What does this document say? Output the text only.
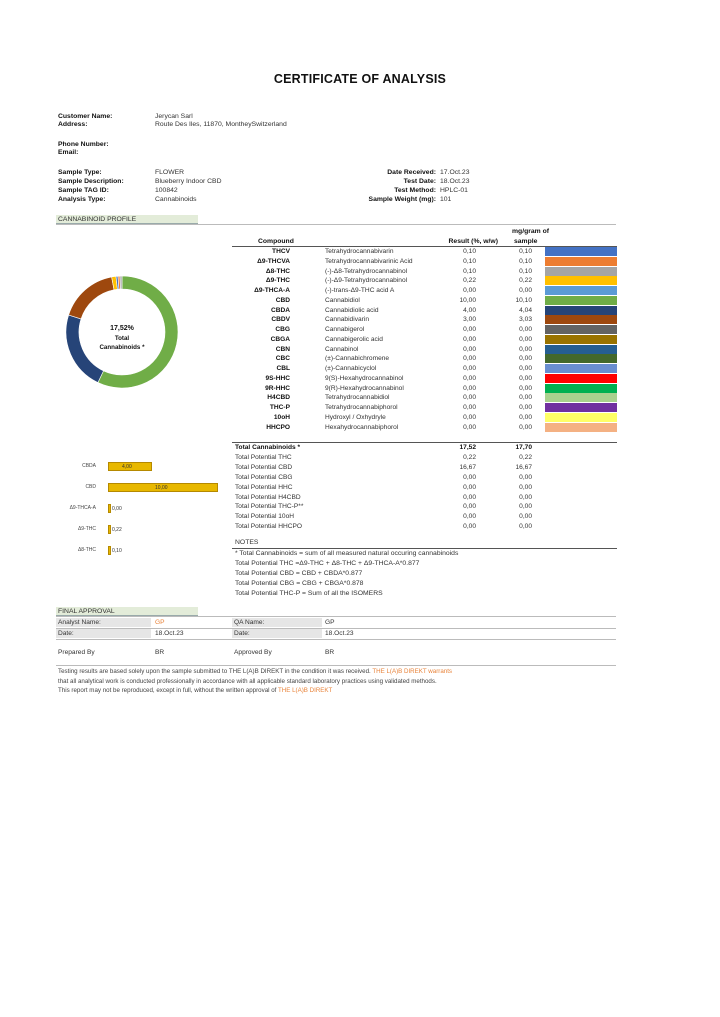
CERTIFICATE OF ANALYSIS
Customer Name:	Jerycan Sarl
Address:	Route Des Iles, 11870, MontheySwitzerland
Phone Number:
Email:
Sample Type:	FLOWER
Sample Description:	Blueberry Indoor CBD
Sample TAG ID:	100842
Analysis Type:	Cannabinoids
Date Received: 17.Oct.23
Test Date: 18.Oct.23
Test Method: HPLC-01
Sample Weight (mg): 101
CANNABINOID PROFILE
Compound	Result (%, w/w)
mg/gram of
sample
THCV	Tetrahydrocannabivarin	0,10	0,10
Δ9-THCVA	Tetrahydrocannabivarinic Acid	0,10	0,10
Δ8-THC	(-)-Δ8-Tetrahydrocannabinol	0,10	0,10
Δ9-THC	(-)-Δ9-Tetrahydrocannabinol	0,22	0,22
Δ9-THCA-A	(-)-trans-Δ9-THC acid A	0,00	0,00
CBD	Cannabidiol	10,00	10,10
CBDA	Cannabidiolic acid	4,00	4,04
CBDV	Cannabidivarin	3,00	3,03
CBG	Cannabigerol	0,00	0,00
CBGA	Cannabigerolic acid	0,00	0,00
CBN	Cannabinol	0,00	0,00
CBC	(±)-Cannabichromene	0,00	0,00
CBL	(±)-Cannabicyclol	0,00	0,00
9S-HHC	9(S)-Hexahydrocannabinol	0,00	0,00
9R-HHC	9(R)-Hexahydrocannabinol	0,00	0,00
H4CBD	Tetrahydrocannabidiol	0,00	0,00
THC-P	Tetrahydrocannabiphorol	0,00	0,00
10oH	Hydroxyl / Oxhydryle	0,00	0,00
HHCPO	Hexahydrocannabiphorol	0,00	0,00
Total Cannabinoids *	17,52	17,70
Total Potential THC	0,22	0,22
Total Potential CBD	16,67	16,67
Total Potential CBG	0,00	0,00
Total Potential HHC	0,00	0,00
Total Potential H4CBD	0,00	0,00
Total Potential THC-P**	0,00	0,00
Total Potential 10oH	0,00	0,00
Total Potential HHCPO	0,00	0,00
17,52%
Total
Cannabinoids *
CBDA	4,00
CBD	10,00
Δ9-THCA-A	0,00
Δ9-THC	0,22
Δ8-THC	0,10
NOTES
* Total Cannabinoids = sum of all measured natural occuring cannabinoids
Total Potential THC =Δ9-THC + Δ8-THC + Δ9-THCA-A*0.877
Total Potential CBD = CBD + CBDA*0.877
Total Potential CBG = CBG + CBGA*0.878
Total Potential THC-P = Sum of all the ISOMERS
FINAL APPROVAL
Analyst Name:	GP	QA Name:	GP
Date:	18.Oct.23	Date:	18.Oct.23
Prepared By	BR	Approved By	BR
Testing results are based solely upon the sample submitted to THE L(A)B DIREKT in the condition it was received. THE L(A)B DIREKT warrants
that all analytical work is conducted professionally in accordance with all applicable standard laboratory practices using validated methods.
This report may not be reproduced, except in full, without the written approval of THE L(A)B DIREKT
